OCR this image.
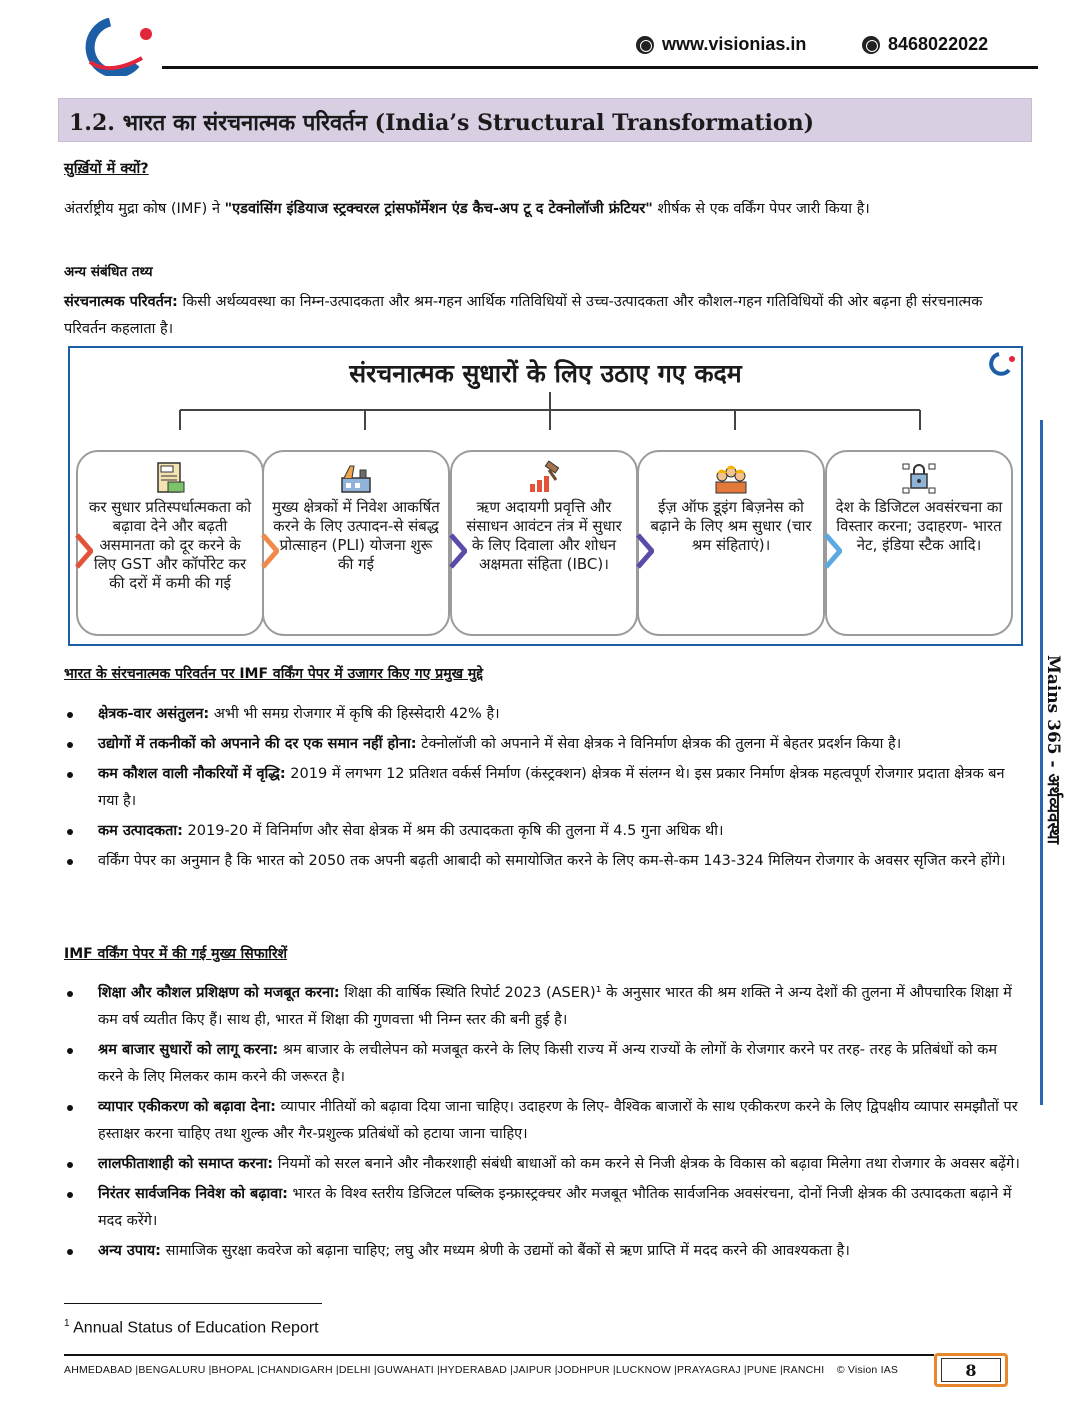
www.visionias.in	8468022022
1.2. भारत का संरचनात्मक परिवर्तन (India’s Structural Transformation)
सुर्ख़ियों में क्यों?
अंतर्राष्ट्रीय मुद्रा कोष (IMF) ने "एडवांसिंग इंडियाज स्ट्रक्चरल ट्रांसफॉर्मेशन एंड कैच-अप टू द टेक्नोलॉजी फ्रंटियर" शीर्षक से एक वर्किंग पेपर जारी किया है।
अन्य संबंधित तथ्य
संरचनात्मक परिवर्तन: किसी अर्थव्यवस्था का निम्न-उत्पादकता और श्रम-गहन आर्थिक गतिविधियों से उच्च-उत्पादकता और कौशल-गहन गतिविधियों की ओर बढ़ना ही संरचनात्मक परिवर्तन कहलाता है।
संरचनात्मक सुधारों के लिए उठाए गए कदम
कर सुधार प्रतिस्पर्धात्मकता को बढ़ावा देने और बढ़ती असमानता को दूर करने के लिए GST और कॉर्पोरेट कर की दरों में कमी की गई
मुख्य क्षेत्रकों में निवेश आकर्षित करने के लिए उत्पादन-से संबद्ध प्रोत्साहन (PLI) योजना शुरू की गई
ऋण अदायगी प्रवृत्ति और संसाधन आवंटन तंत्र में सुधार के लिए दिवाला और शोधन अक्षमता संहिता (IBC)।
ईज़ ऑफ डूइंग बिज़नेस को बढ़ाने के लिए श्रम सुधार (चार श्रम संहिताएं)।
देश के डिजिटल अवसंरचना का विस्तार करना; उदाहरण- भारत नेट, इंडिया स्टैक आदि।
भारत के संरचनात्मक परिवर्तन पर IMF वर्किंग पेपर में उजागर किए गए प्रमुख मुद्दे
क्षेत्रक-वार असंतुलन: अभी भी समग्र रोजगार में कृषि की हिस्सेदारी 42% है।
उद्योगों में तकनीकों को अपनाने की दर एक समान नहीं होना: टेक्नोलॉजी को अपनाने में सेवा क्षेत्रक ने विनिर्माण क्षेत्रक की तुलना में बेहतर प्रदर्शन किया है।
कम कौशल वाली नौकरियों में वृद्धि: 2019 में लगभग 12 प्रतिशत वर्कर्स निर्माण (कंस्ट्रक्शन) क्षेत्रक में संलग्न थे। इस प्रकार निर्माण क्षेत्रक महत्वपूर्ण रोजगार प्रदाता क्षेत्रक बन गया है।
कम उत्पादकता: 2019-20 में विनिर्माण और सेवा क्षेत्रक में श्रम की उत्पादकता कृषि की तुलना में 4.5 गुना अधिक थी।
वर्किंग पेपर का अनुमान है कि भारत को 2050 तक अपनी बढ़ती आबादी को समायोजित करने के लिए कम-से-कम 143-324 मिलियन रोजगार के अवसर सृजित करने होंगे।
IMF वर्किंग पेपर में की गई मुख्य सिफारिशें
शिक्षा और कौशल प्रशिक्षण को मजबूत करना: शिक्षा की वार्षिक स्थिति रिपोर्ट 2023 (ASER)¹ के अनुसार भारत की श्रम शक्ति ने अन्य देशों की तुलना में औपचारिक शिक्षा में कम वर्ष व्यतीत किए हैं। साथ ही, भारत में शिक्षा की गुणवत्ता भी निम्न स्तर की बनी हुई है।
श्रम बाजार सुधारों को लागू करना: श्रम बाजार के लचीलेपन को मजबूत करने के लिए किसी राज्य में अन्य राज्यों के लोगों के रोजगार करने पर तरह- तरह के प्रतिबंधों को कम करने के लिए मिलकर काम करने की जरूरत है।
व्यापार एकीकरण को बढ़ावा देना: व्यापार नीतियों को बढ़ावा दिया जाना चाहिए। उदाहरण के लिए- वैश्विक बाजारों के साथ एकीकरण करने के लिए द्विपक्षीय व्यापार समझौतों पर हस्ताक्षर करना चाहिए तथा शुल्क और गैर-प्रशुल्क प्रतिबंधों को हटाया जाना चाहिए।
लालफीताशाही को समाप्त करना: नियमों को सरल बनाने और नौकरशाही संबंधी बाधाओं को कम करने से निजी क्षेत्रक के विकास को बढ़ावा मिलेगा तथा रोजगार के अवसर बढ़ेंगे।
निरंतर सार्वजनिक निवेश को बढ़ावा: भारत के विश्व स्तरीय डिजिटल पब्लिक इन्फ्रास्ट्रक्चर और मजबूत भौतिक सार्वजनिक अवसंरचना, दोनों निजी क्षेत्रक की उत्पादकता बढ़ाने में मदद करेंगे।
अन्य उपाय: सामाजिक सुरक्षा कवरेज को बढ़ाना चाहिए; लघु और मध्यम श्रेणी के उद्यमों को बैंकों से ऋण प्राप्ति में मदद करने की आवश्यकता है।
Mains 365 - अर्थव्यवस्था
$^1$ Annual Status of Education Report
AHMEDABAD |BENGALURU |BHOPAL |CHANDIGARH |DELHI |GUWAHATI |HYDERABAD |JAIPUR |JODHPUR |LUCKNOW |PRAYAGRAJ |PUNE |RANCHI © Vision IAS	8
